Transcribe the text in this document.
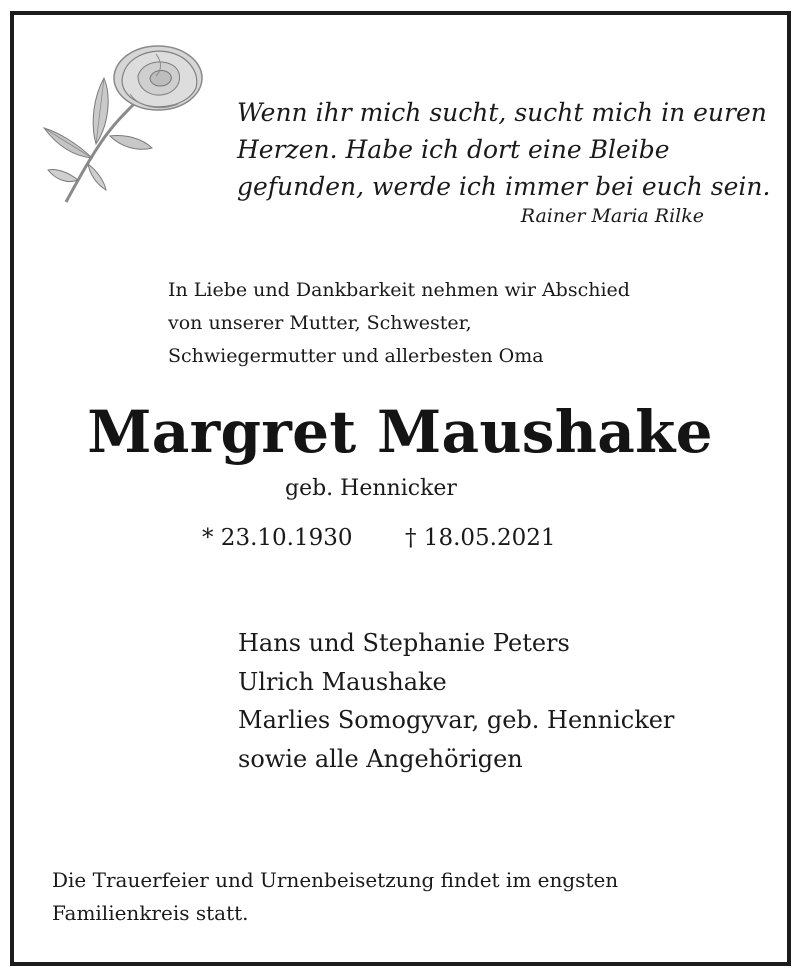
Wenn ihr mich sucht, sucht mich in euren
Herzen. Habe ich dort eine Bleibe
gefunden, werde ich immer bei euch sein.
Rainer Maria Rilke
In Liebe und Dankbarkeit nehmen wir Abschied
von unserer Mutter, Schwester,
Schwiegermutter und allerbesten Oma
Margret Maushake
geb. Hennicker
* 23.10.1930 † 18.05.2021
Hans und Stephanie Peters
Ulrich Maushake
Marlies Somogyvar, geb. Hennicker
sowie alle Angehörigen
Die Trauerfeier und Urnenbeisetzung findet im engsten
Familienkreis statt.
